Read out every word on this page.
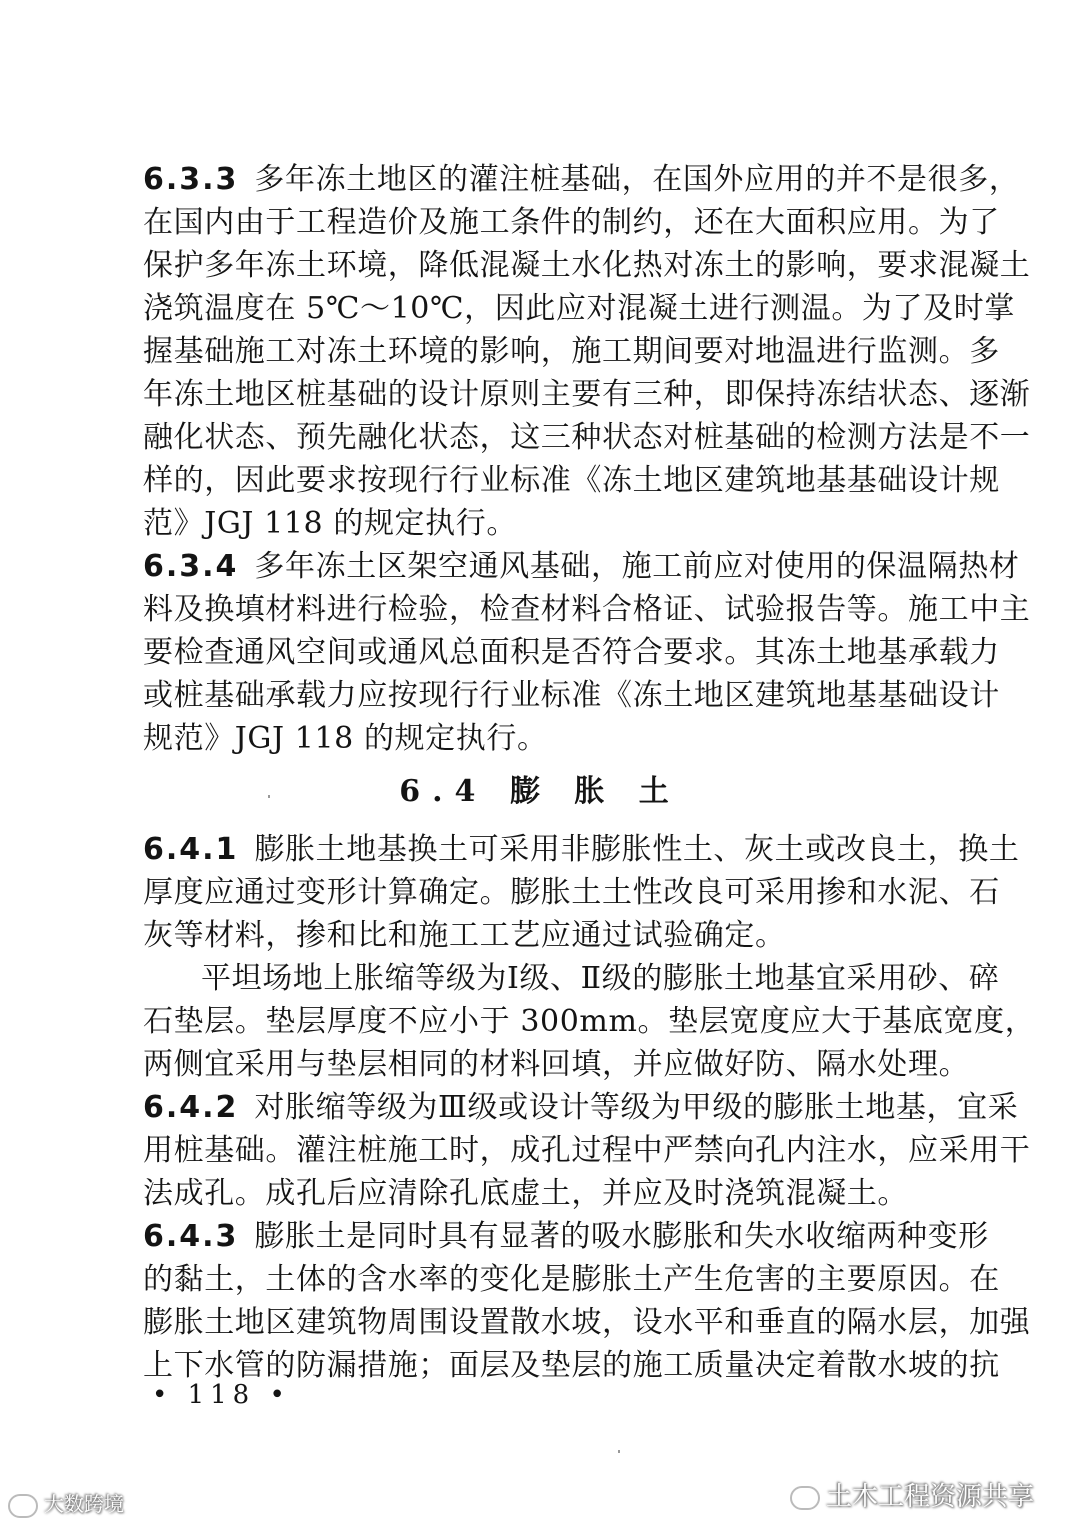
6.3.3 多年冻土地区的灌注桩基础，在国外应用的并不是很多，
在国内由于工程造价及施工条件的制约，还在大面积应用。为了
保护多年冻土环境，降低混凝土水化热对冻土的影响，要求混凝土
浇筑温度在 5℃～10℃，因此应对混凝土进行测温。为了及时掌
握基础施工对冻土环境的影响，施工期间要对地温进行监测。多
年冻土地区桩基础的设计原则主要有三种，即保持冻结状态、逐渐
融化状态、预先融化状态，这三种状态对桩基础的检测方法是不一
样的，因此要求按现行行业标准《冻土地区建筑地基基础设计规
范》JGJ 118 的规定执行。
6.3.4 多年冻土区架空通风基础，施工前应对使用的保温隔热材
料及换填材料进行检验，检查材料合格证、试验报告等。施工中主
要检查通风空间或通风总面积是否符合要求。其冻土地基承载力
或桩基础承载力应按现行行业标准《冻土地区建筑地基基础设计
规范》JGJ 118 的规定执行。
6.4 膨 胀 土
6.4.1 膨胀土地基换土可采用非膨胀性土、灰土或改良土，换土
厚度应通过变形计算确定。膨胀土土性改良可采用掺和水泥、石
灰等材料，掺和比和施工工艺应通过试验确定。
平坦场地上胀缩等级为Ⅰ级、Ⅱ级的膨胀土地基宜采用砂、碎
石垫层。垫层厚度不应小于 300mm。垫层宽度应大于基底宽度，
两侧宜采用与垫层相同的材料回填，并应做好防、隔水处理。
6.4.2 对胀缩等级为Ⅲ级或设计等级为甲级的膨胀土地基，宜采
用桩基础。灌注桩施工时，成孔过程中严禁向孔内注水，应采用干
法成孔。成孔后应清除孔底虚土，并应及时浇筑混凝土。
6.4.3 膨胀土是同时具有显著的吸水膨胀和失水收缩两种变形
的黏土，土体的含水率的变化是膨胀土产生危害的主要原因。在
膨胀土地区建筑物周围设置散水坡，设水平和垂直的隔水层，加强
上下水管的防漏措施；面层及垫层的施工质量决定着散水坡的抗
• 118 •
大数跨境	土木工程资源共享
